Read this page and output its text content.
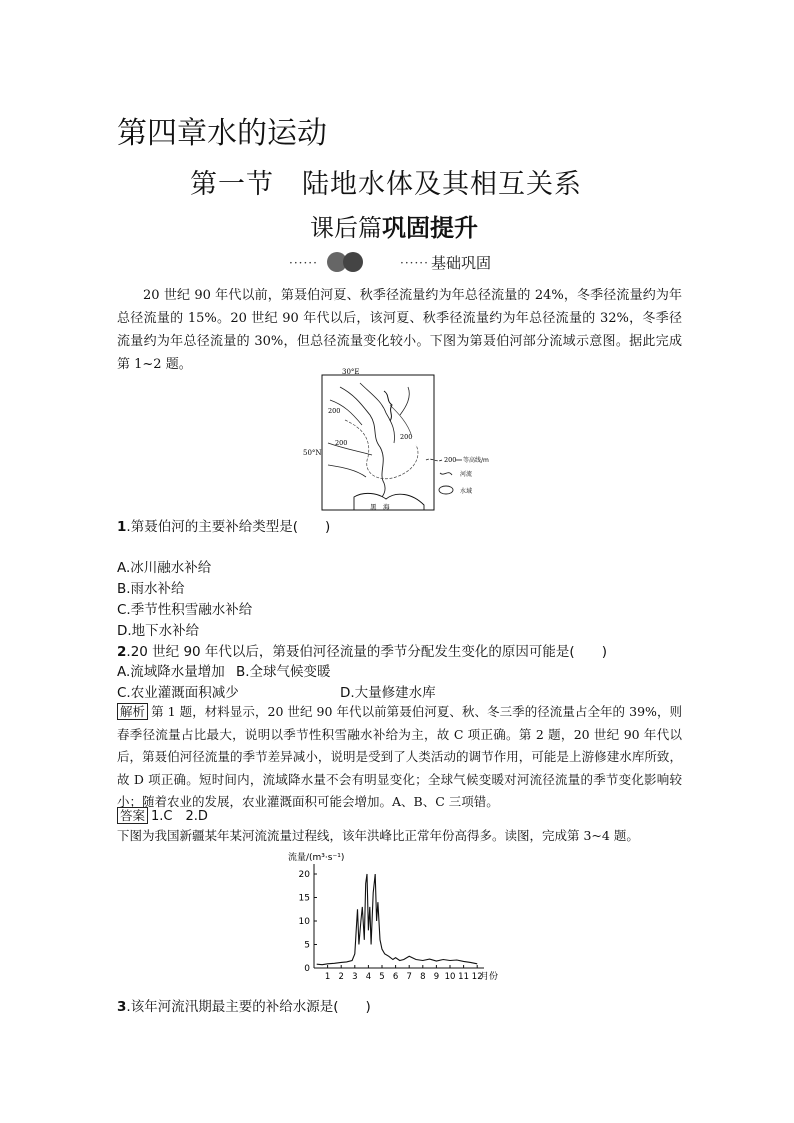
第四章水的运动
第一节　陆地水体及其相互关系
课后篇巩固提升
······	······ 基础巩固
20 世纪 90 年代以前，第聂伯河夏、秋季径流量约为年总径流量的 24%，冬季径流量约为年总径流量的 15%。20 世纪 90 年代以后，该河夏、秋季径流量约为年总径流量的 32%，冬季径流量约为年总径流量的 30%，但总径流量变化较小。下图为第聂伯河部分流域示意图。据此完成第 1~2 题。	30°E
50°N
200
200
200
黑　海
200 等高线/m
河流
水域
1.第聂伯河的主要补给类型是(　　)
A.冰川融水补给
B.雨水补给
C.季节性积雪融水补给
D.地下水补给
2.20 世纪 90 年代以后，第聂伯河径流量的季节分配发生变化的原因可能是(　　)
A.流域降水量增加 B.全球气候变暖
C.农业灌溉面积减少	D.大量修建水库
解析 第 1 题，材料显示，20 世纪 90 年代以前第聂伯河夏、秋、冬三季的径流量占全年的 39%，则春季径流量占比最大，说明以季节性积雪融水补给为主，故 C 项正确。第 2 题，20 世纪 90 年代以后，第聂伯河径流量的季节差异减小，说明是受到了人类活动的调节作用，可能是上游修建水库所致，故 D 项正确。短时间内，流域降水量不会有明显变化；全球气候变暖对河流径流量的季节变化影响较小；随着农业的发展，农业灌溉面积可能会增加。A、B、C 三项错。
答案 1.C　2.D
下图为我国新疆某年某河流流量过程线，该年洪峰比正常年份高得多。读图，完成第 3~4 题。
流量/(m³·s⁻¹)
0
5
10
15
20
1 2 3 4 5 6 7 8 9 10 11 12
月份
3.该年河流汛期最主要的补给水源是(　　)
